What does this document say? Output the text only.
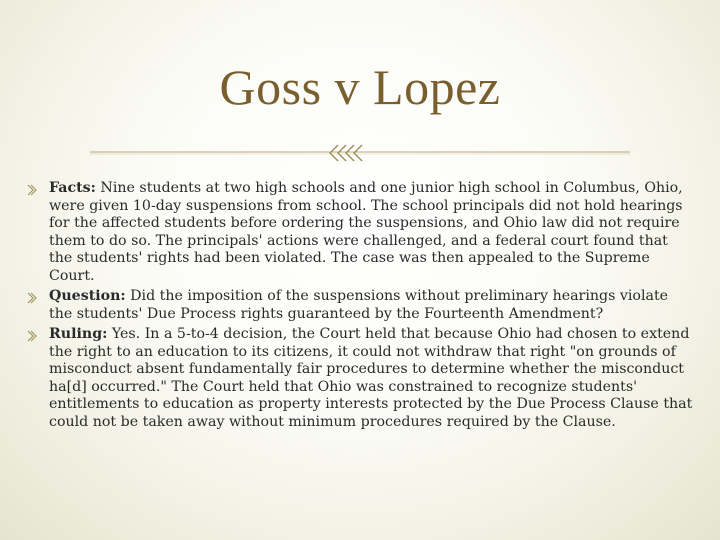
Goss v Lopez
Facts: Nine students at two high schools and one junior high school in Columbus, Ohio, were given 10-day suspensions from school. The school principals did not hold hearings for the affected students before ordering the suspensions, and Ohio law did not require them to do so. The principals' actions were challenged, and a federal court found that the students' rights had been violated. The case was then appealed to the Supreme Court.
Question: Did the imposition of the suspensions without preliminary hearings violate the students' Due Process rights guaranteed by the Fourteenth Amendment?
Ruling: Yes. In a 5-to-4 decision, the Court held that because Ohio had chosen to extend the right to an education to its citizens, it could not withdraw that right "on grounds of misconduct absent fundamentally fair procedures to determine whether the misconduct ha[d] occurred." The Court held that Ohio was constrained to recognize students' entitlements to education as property interests protected by the Due Process Clause that could not be taken away without minimum procedures required by the Clause.
